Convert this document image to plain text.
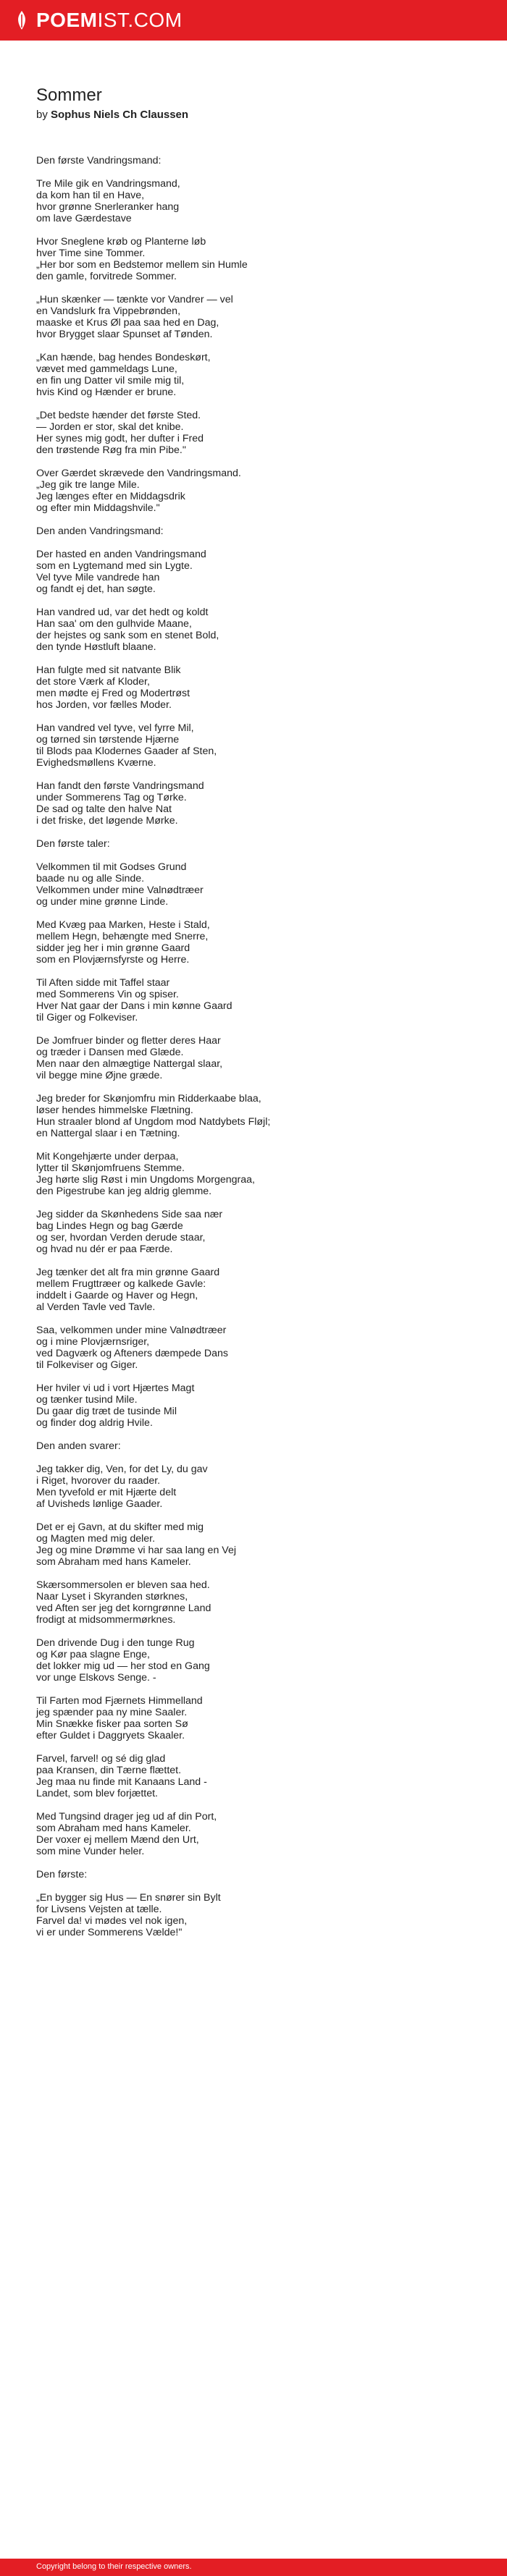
POEMIST.COM
Sommer
by Sophus Niels Ch Claussen

Den første Vandringsmand:

Tre Mile gik en Vandringsmand,
da kom han til en Have,
hvor grønne Snerleranker hang
om lave Gærdestave

Hvor Sneglene krøb og Planterne løb
hver Time sine Tommer.
„Her bor som en Bedstemor mellem sin Humle
den gamle, forvitrede Sommer.

„Hun skænker — tænkte vor Vandrer — vel
en Vandslurk fra Vippebrønden,
maaske et Krus Øl paa saa hed en Dag,
hvor Brygget slaar Spunset af Tønden.

„Kan hænde, bag hendes Bondeskørt,
vævet med gammeldags Lune,
en fin ung Datter vil smile mig til,
hvis Kind og Hænder er brune.

„Det bedste hænder det første Sted.
— Jorden er stor, skal det knibe.
Her synes mig godt, her dufter i Fred
den trøstende Røg fra min Pibe."

Over Gærdet skrævede den Vandringsmand.
„Jeg gik tre lange Mile.
Jeg længes efter en Middagsdrik
og efter min Middagshvile."

Den anden Vandringsmand:

Der hasted en anden Vandringsmand
som en Lygtemand med sin Lygte.
Vel tyve Mile vandrede han
og fandt ej det, han søgte.

Han vandred ud, var det hedt og koldt
Han saa' om den gulhvide Maane,
der hejstes og sank som en stenet Bold,
den tynde Høstluft blaane.

Han fulgte med sit natvante Blik
det store Værk af Kloder,
men mødte ej Fred og Modertrøst
hos Jorden, vor fælles Moder.

Han vandred vel tyve, vel fyrre Mil,
og tørned sin tørstende Hjærne
til Blods paa Klodernes Gaader af Sten,
Evighedsmøllens Kværne.

Han fandt den første Vandringsmand
under Sommerens Tag og Tørke.
De sad og talte den halve Nat
i det friske, det løgende Mørke.

Den første taler:

Velkommen til mit Godses Grund
baade nu og alle Sinde.
Velkommen under mine Valnødtræer
og under mine grønne Linde.

Med Kvæg paa Marken, Heste i Stald,
mellem Hegn, behængte med Snerre,
sidder jeg her i min grønne Gaard
som en Plovjærnsfyrste og Herre.

Til Aften sidde mit Taffel staar
med Sommerens Vin og spiser.
Hver Nat gaar der Dans i min kønne Gaard
til Giger og Folkeviser.

De Jomfruer binder og fletter deres Haar
og træder i Dansen med Glæde.
Men naar den almægtige Nattergal slaar,
vil begge mine Øjne græde.

Jeg breder for Skønjomfru min Ridderkaabe blaa,
løser hendes himmelske Flætning.
Hun straaler blond af Ungdom mod Natdybets Fløjl;
en Nattergal slaar i en Tætning.

Mit Kongehjærte under derpaa,
lytter til Skønjomfruens Stemme.
Jeg hørte slig Røst i min Ungdoms Morgengraa,
den Pigestrube kan jeg aldrig glemme.

Jeg sidder da Skønhedens Side saa nær
bag Lindes Hegn og bag Gærde
og ser, hvordan Verden derude staar,
og hvad nu dér er paa Færde.

Jeg tænker det alt fra min grønne Gaard
mellem Frugttræer og kalkede Gavle:
inddelt i Gaarde og Haver og Hegn,
al Verden Tavle ved Tavle.

Saa, velkommen under mine Valnødtræer
og i mine Plovjærnsriger,
ved Dagværk og Afteners dæmpede Dans
til Folkeviser og Giger.

Her hviler vi ud i vort Hjærtes Magt
og tænker tusind Mile.
Du gaar dig træt de tusinde Mil
og finder dog aldrig Hvile.

Den anden svarer:

Jeg takker dig, Ven, for det Ly, du gav
i Riget, hvorover du raader.
Men tyvefold er mit Hjærte delt
af Uvisheds lønlige Gaader.

Det er ej Gavn, at du skifter med mig
og Magten med mig deler.
Jeg og mine Drømme vi har saa lang en Vej
som Abraham med hans Kameler.

Skærsommersolen er bleven saa hed.
Naar Lyset i Skyranden størknes,
ved Aften ser jeg det korngrønne Land
frodigt at midsommermørknes.

Den drivende Dug i den tunge Rug
og Kør paa slagne Enge,
det lokker mig ud — her stod en Gang
vor unge Elskovs Senge. -

Til Farten mod Fjærnets Himmelland
jeg spænder paa ny mine Saaler.
Min Snække fisker paa sorten Sø
efter Guldet i Daggryets Skaaler.

Farvel, farvel! og sé dig glad
paa Kransen, din Tærne flættet.
Jeg maa nu finde mit Kanaans Land -
Landet, som blev forjættet.

Med Tungsind drager jeg ud af din Port,
som Abraham med hans Kameler.
Der voxer ej mellem Mænd den Urt,
som mine Vunder heler.

Den første:

„En bygger sig Hus — En snører sin Bylt
for Livsens Vejsten at tælle.
Farvel da! vi mødes vel nok igen,
vi er under Sommerens Vælde!"

Copyright belong to their respective owners.
